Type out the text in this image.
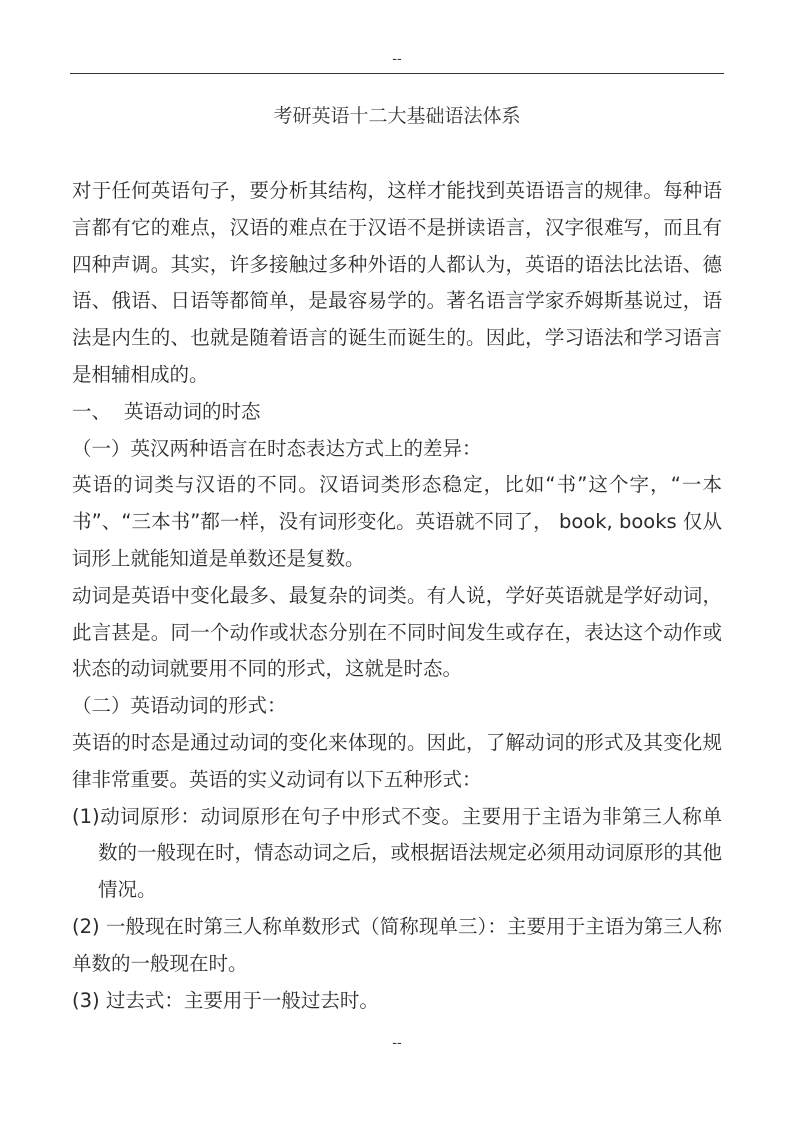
--
考研英语十二大基础语法体系

对于任何英语句子，要分析其结构，这样才能找到英语语言的规律。每种语言都有它的难点，汉语的难点在于汉语不是拼读语言，汉字很难写，而且有四种声调。其实，许多接触过多种外语的人都认为，英语的语法比法语、德语、俄语、日语等都简单，是最容易学的。著名语言学家乔姆斯基说过，语法是内生的、也就是随着语言的诞生而诞生的。因此，学习语法和学习语言是相辅相成的。

一、 英语动词的时态

（一）英汉两种语言在时态表达方式上的差异：

英语的词类与汉语的不同。汉语词类形态稳定，比如“书”这个字，“一本书”、“三本书”都一样，没有词形变化。英语就不同了， book, books 仅从词形上就能知道是单数还是复数。

动词是英语中变化最多、最复杂的词类。有人说，学好英语就是学好动词，此言甚是。同一个动作或状态分别在不同时间发生或存在，表达这个动作或状态的动词就要用不同的形式，这就是时态。

（二）英语动词的形式：

英语的时态是通过动词的变化来体现的。因此，了解动词的形式及其变化规律非常重要。英语的实义动词有以下五种形式：

(1)动词原形：动词原形在句子中形式不变。主要用于主语为非第三人称单数的一般现在时，情态动词之后，或根据语法规定必须用动词原形的其他情况。

(2) 一般现在时第三人称单数形式（简称现单三）：主要用于主语为第三人称单数的一般现在时。

(3) 过去式：主要用于一般过去时。

--
